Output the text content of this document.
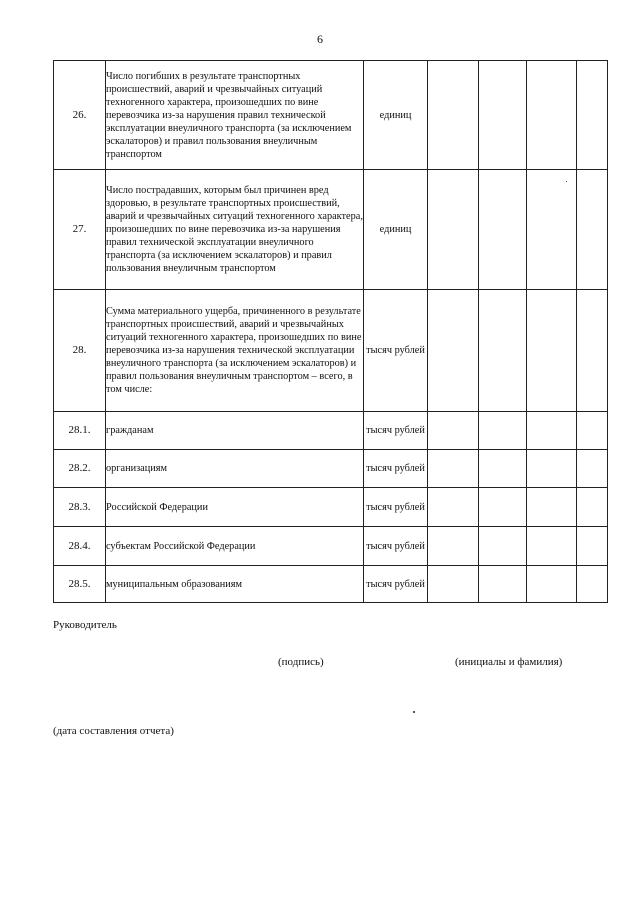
6
26.	Число погибших в результате транспортных происшествий, аварий и чрезвычайных ситуаций техногенного характера, произошедших по вине перевозчика из-за нарушения правил технической эксплуатации внеуличного транспорта (за исключением эскалаторов) и правил пользования внеуличным транспортом	единиц				
27.	Число пострадавших, которым был причинен вред здоровью, в результате транспортных происшествий, аварий и чрезвычайных ситуаций техногенного характера, произошедших по вине перевозчика из-за нарушения правил технической эксплуатации внеуличного транспорта (за исключением эскалаторов) и правил пользования внеуличным транспортом	единиц				
28.	Сумма материального ущерба, причиненного в результате транспортных происшествий, аварий и чрезвычайных ситуаций техногенного характера, произошедших по вине перевозчика из-за нарушения технической эксплуатации внеуличного транспорта (за исключением эскалаторов) и правил пользования внеуличным транспортом – всего, в том числе:	тысяч рублей				
28.1.	гражданам	тысяч рублей				
28.2.	организациям	тысяч рублей				
28.3.	Российской Федерации	тысяч рублей				
28.4.	субъектам Российской Федерации	тысяч рублей				
28.5.	муниципальным образованиям	тысяч рублей				
Руководитель
(подпись)	(инициалы и фамилия)
(дата составления отчета)
